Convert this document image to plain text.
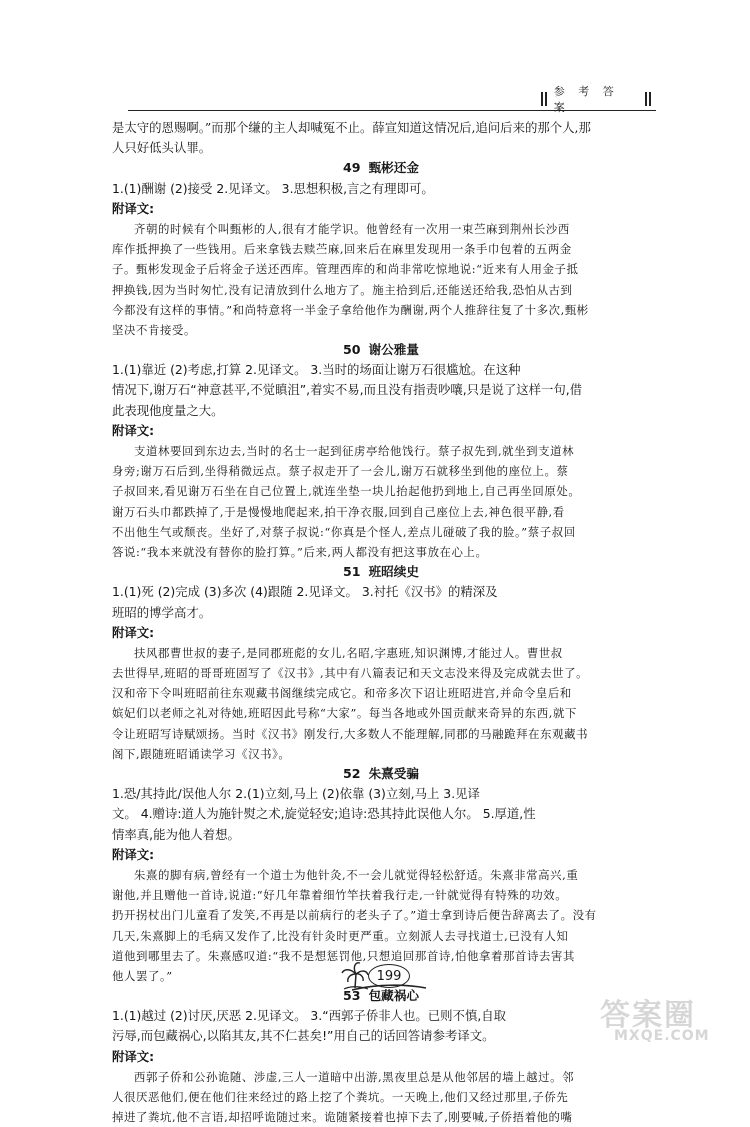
参 考 答 案
是太守的恩赐啊。”而那个缣的主人却喊冤不止。薛宣知道这情况后,追问后来的那个人,那
人只好低头认罪。
49 甄彬还金
1.(1)酬谢 (2)接受 2.见译文。 3.思想积极,言之有理即可。
附译文:
齐朝的时候有个叫甄彬的人,很有才能学识。他曾经有一次用一束苎麻到荆州长沙西
库作抵押换了一些钱用。后来拿钱去赎苎麻,回来后在麻里发现用一条手巾包着的五两金
子。甄彬发现金子后将金子送还西库。管理西库的和尚非常吃惊地说:“近来有人用金子抵
押换钱,因为当时匆忙,没有记清放到什么地方了。施主拾到后,还能送还给我,恐怕从古到
今都没有这样的事情。”和尚特意将一半金子拿给他作为酬谢,两个人推辞往复了十多次,甄彬
坚决不肯接受。
50 谢公雅量
1.(1)靠近 (2)考虑,打算 2.见译文。 3.当时的场面让谢万石很尴尬。在这种
情况下,谢万石“神意甚平,不觉瞋沮”,着实不易,而且没有指责吵嚷,只是说了这样一句,借
此表现他度量之大。
附译文:
支道林要回到东边去,当时的名士一起到征虏亭给他饯行。蔡子叔先到,就坐到支道林
身旁;谢万石后到,坐得稍微远点。蔡子叔走开了一会儿,谢万石就移坐到他的座位上。蔡
子叔回来,看见谢万石坐在自己位置上,就连坐垫一块儿抬起他扔到地上,自己再坐回原处。
谢万石头巾都跌掉了,于是慢慢地爬起来,拍干净衣服,回到自己座位上去,神色很平静,看
不出他生气或颓丧。坐好了,对蔡子叔说:“你真是个怪人,差点儿碰破了我的脸。”蔡子叔回
答说:“我本来就没有替你的脸打算。”后来,两人都没有把这事放在心上。
51 班昭续史
1.(1)死 (2)完成 (3)多次 (4)跟随 2.见译文。 3.衬托《汉书》的精深及
班昭的博学高才。
附译文:
扶风郡曹世叔的妻子,是同郡班彪的女儿,名昭,字惠班,知识渊博,才能过人。曹世叔
去世得早,班昭的哥哥班固写了《汉书》,其中有八篇表记和天文志没来得及完成就去世了。
汉和帝下令叫班昭前往东观藏书阁继续完成它。和帝多次下诏让班昭进宫,并命令皇后和
嫔妃们以老师之礼对待她,班昭因此号称“大家”。每当各地或外国贡献来奇异的东西,就下
令让班昭写诗赋颂扬。当时《汉书》刚发行,大多数人不能理解,同郡的马融跪拜在东观藏书
阁下,跟随班昭诵读学习《汉书》。
52 朱熹受骗
1.恐/其持此/误他人尔 2.(1)立刻,马上 (2)依靠 (3)立刻,马上 3.见译
文。 4.赠诗:道人为施针熨之术,旋觉轻安;追诗:恐其持此误他人尔。 5.厚道,性
情率真,能为他人着想。
附译文:
朱熹的脚有病,曾经有一个道士为他针灸,不一会儿就觉得轻松舒适。朱熹非常高兴,重
谢他,并且赠他一首诗,说道:“好几年靠着细竹竿扶着我行走,一针就觉得有特殊的功效。
扔开拐杖出门儿童看了发笑,不再是以前病行的老头子了。”道士拿到诗后便告辞离去了。没有
几天,朱熹脚上的毛病又发作了,比没有针灸时更严重。立刻派人去寻找道士,已没有人知
道他到哪里去了。朱熹感叹道:“我不是想惩罚他,只想追回那首诗,怕他拿着那首诗去害其
他人罢了。”
53 包藏祸心
1.(1)越过 (2)讨厌,厌恶 2.见译文。 3.“西郭子侨非人也。已则不慎,自取
污辱,而包藏祸心,以陷其友,其不仁甚矣!”用自己的话回答请参考译文。
附译文:
西郭子侨和公孙诡随、涉虚,三人一道暗中出游,黑夜里总是从他邻居的墙上越过。邻
人很厌恶他们,便在他们往来经过的路上挖了个粪坑。一天晚上,他们又经过那里,子侨先
掉进了粪坑,他不言语,却招呼诡随过来。诡随紧接着也掉下去了,刚要喊,子侨捂着他的嘴
199
答案圈
MXQE.COM
